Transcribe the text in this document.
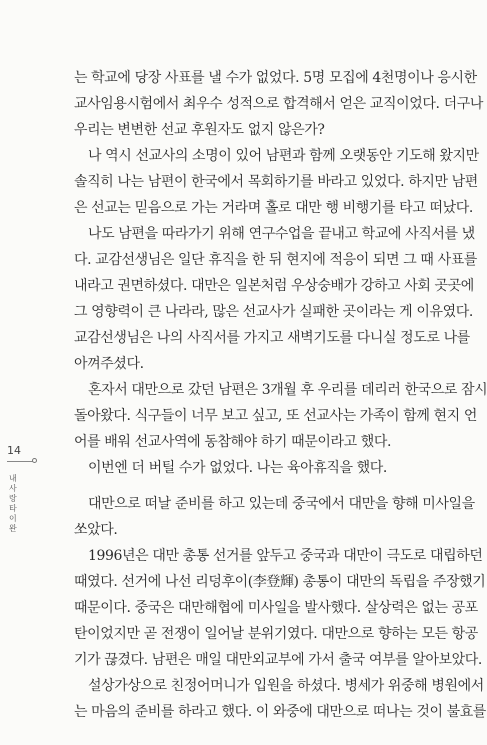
14
내 사랑 타이완
는 학교에 당장 사표를 낼 수가 없었다. 5명 모집에 4천명이나 응시한
교사임용시험에서 최우수 성적으로 합격해서 얻은 교직이었다. 더구나
우리는 변변한 선교 후원자도 없지 않은가?
나 역시 선교사의 소명이 있어 남편과 함께 오랫동안 기도해 왔지만
솔직히 나는 남편이 한국에서 목회하기를 바라고 있었다. 하지만 남편
은 선교는 믿음으로 가는 거라며 홀로 대만 행 비행기를 타고 떠났다.
나도 남편을 따라가기 위해 연구수업을 끝내고 학교에 사직서를 냈
다. 교감선생님은 일단 휴직을 한 뒤 현지에 적응이 되면 그 때 사표를
내라고 권면하셨다. 대만은 일본처럼 우상숭배가 강하고 사회 곳곳에
그 영향력이 큰 나라라, 많은 선교사가 실패한 곳이라는 게 이유였다.
교감선생님은 나의 사직서를 가지고 새벽기도를 다니실 정도로 나를
아껴주셨다.
혼자서 대만으로 갔던 남편은 3개월 후 우리를 데리러 한국으로 잠시
돌아왔다. 식구들이 너무 보고 싶고, 또 선교사는 가족이 함께 현지 언
어를 배워 선교사역에 동참해야 하기 때문이라고 했다.
이번엔 더 버틸 수가 없었다. 나는 육아휴직을 했다.
대만으로 떠날 준비를 하고 있는데 중국에서 대만을 향해 미사일을
쏘았다.
1996년은 대만 총통 선거를 앞두고 중국과 대만이 극도로 대립하던
때였다. 선거에 나선 리덩후이(李登輝) 총통이 대만의 독립을 주장했기
때문이다. 중국은 대만해협에 미사일을 발사했다. 살상력은 없는 공포
탄이었지만 곧 전쟁이 일어날 분위기였다. 대만으로 향하는 모든 항공
기가 끊겼다. 남편은 매일 대만외교부에 가서 출국 여부를 알아보았다.
설상가상으로 친정어머니가 입원을 하셨다. 병세가 위중해 병원에서
는 마음의 준비를 하라고 했다. 이 와중에 대만으로 떠나는 것이 불효를
